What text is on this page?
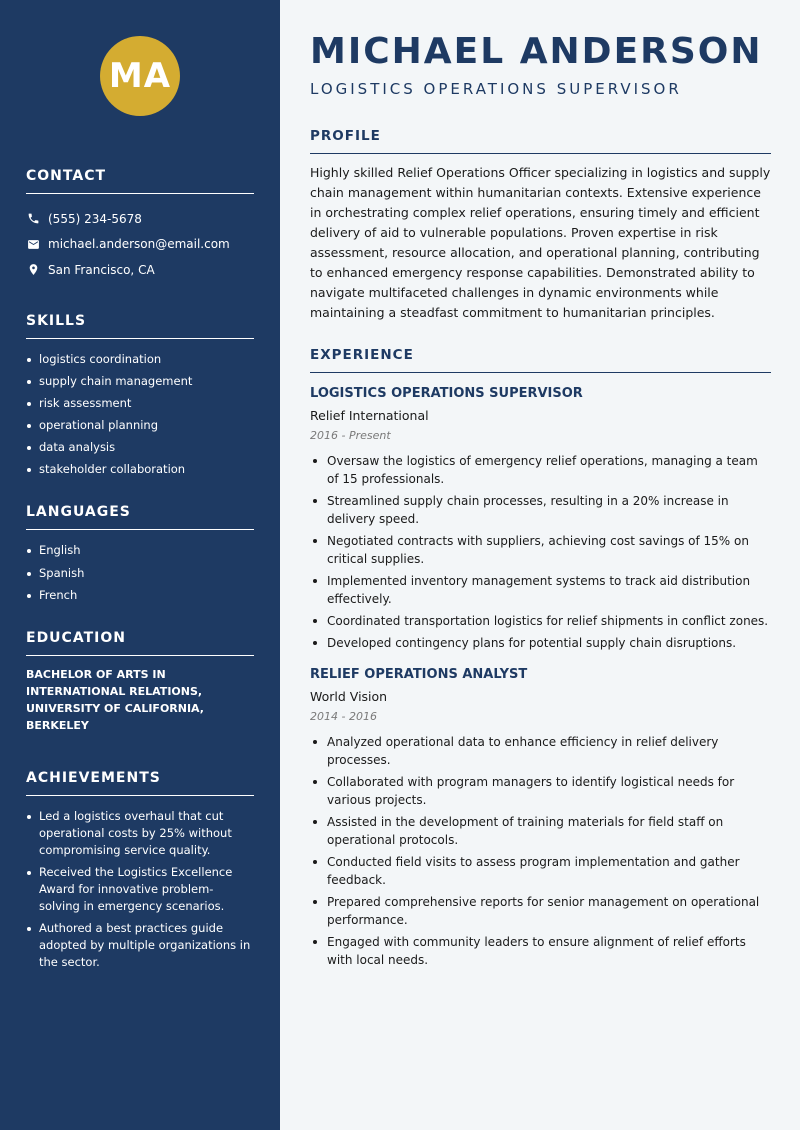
MA
CONTACT
(555) 234-5678
michael.anderson@email.com
San Francisco, CA
SKILLS
logistics coordination
supply chain management
risk assessment
operational planning
data analysis
stakeholder collaboration
LANGUAGES
English
Spanish
French
EDUCATION

BACHELOR OF ARTS IN INTERNATIONAL RELATIONS, UNIVERSITY OF CALIFORNIA, BERKELEY

ACHIEVEMENTS
Led a logistics overhaul that cut operational costs by 25% without compromising service quality.
Received the Logistics Excellence Award for innovative problem-solving in emergency scenarios.
Authored a best practices guide adopted by multiple organizations in the sector.
MICHAEL ANDERSON
LOGISTICS OPERATIONS SUPERVISOR
PROFILE

Highly skilled Relief Operations Officer specializing in logistics and supply chain management within humanitarian contexts. Extensive experience in orchestrating complex relief operations, ensuring timely and efficient delivery of aid to vulnerable populations. Proven expertise in risk assessment, resource allocation, and operational planning, contributing to enhanced emergency response capabilities. Demonstrated ability to navigate multifaceted challenges in dynamic environments while maintaining a steadfast commitment to humanitarian principles.

EXPERIENCE
LOGISTICS OPERATIONS SUPERVISOR
Relief International
2016 - Present
Oversaw the logistics of emergency relief operations, managing a team of 15 professionals.
Streamlined supply chain processes, resulting in a 20% increase in delivery speed.
Negotiated contracts with suppliers, achieving cost savings of 15% on critical supplies.
Implemented inventory management systems to track aid distribution effectively.
Coordinated transportation logistics for relief shipments in conflict zones.
Developed contingency plans for potential supply chain disruptions.
RELIEF OPERATIONS ANALYST
World Vision
2014 - 2016
Analyzed operational data to enhance efficiency in relief delivery processes.
Collaborated with program managers to identify logistical needs for various projects.
Assisted in the development of training materials for field staff on operational protocols.
Conducted field visits to assess program implementation and gather feedback.
Prepared comprehensive reports for senior management on operational performance.
Engaged with community leaders to ensure alignment of relief efforts with local needs.
